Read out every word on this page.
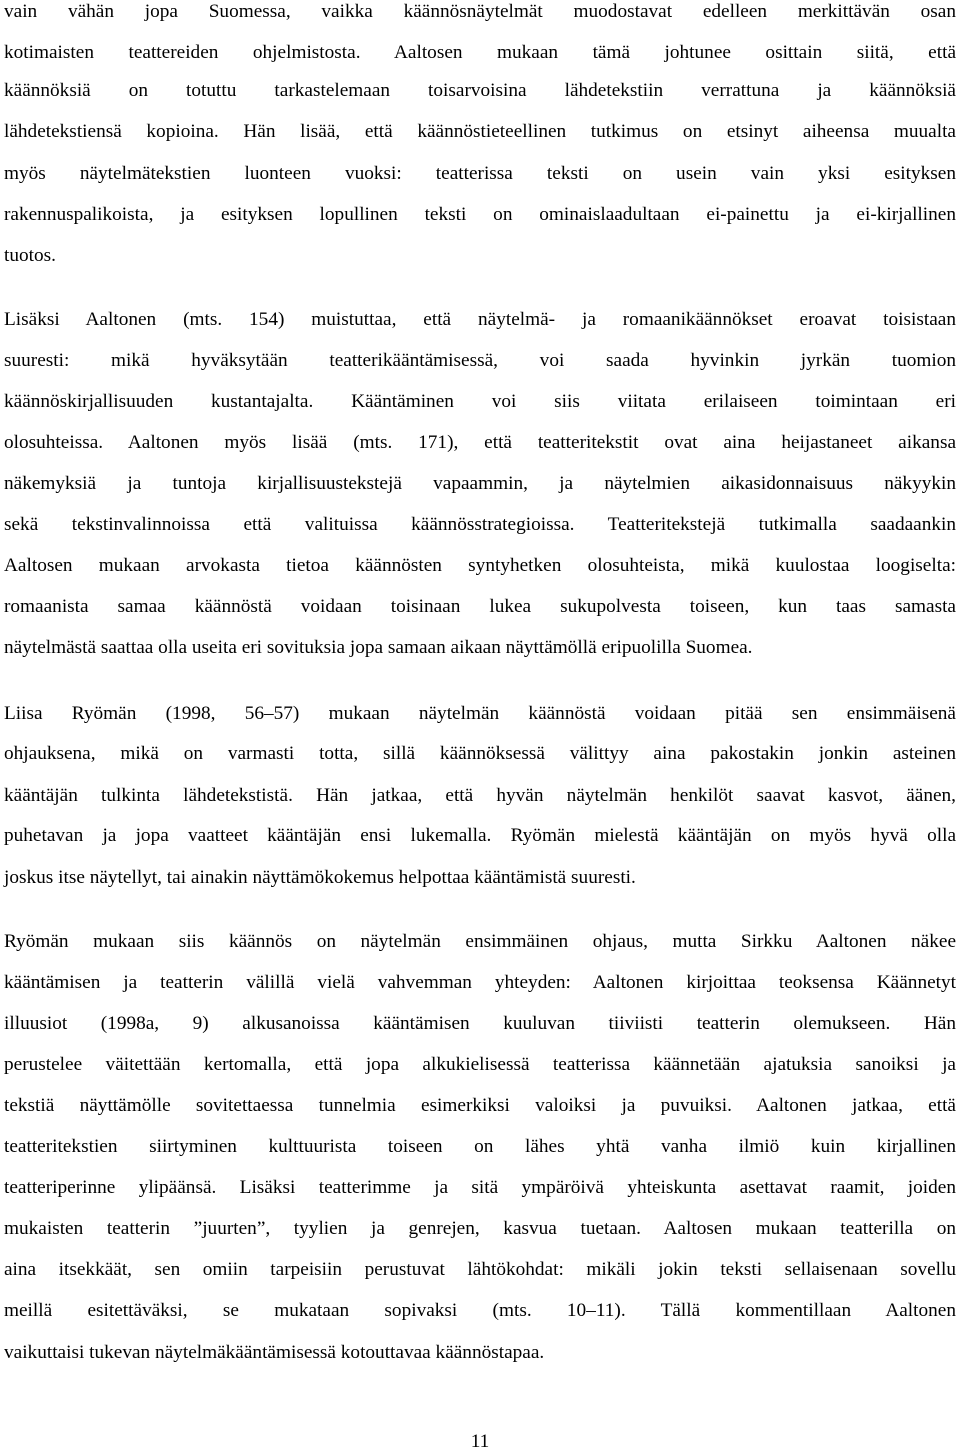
vain vähän jopa Suomessa, vaikka käännösnäytelmät muodostavat edelleen merkittävän osan
kotimaisten teattereiden ohjelmistosta. Aaltosen mukaan tämä johtunee osittain siitä, että
käännöksiä on totuttu tarkastelemaan toisarvoisina lähdetekstiin verrattuna ja käännöksiä
lähdetekstiensä kopioina. Hän lisää, että käännöstieteellinen tutkimus on etsinyt aiheensa muualta
myös näytelmätekstien luonteen vuoksi: teatterissa teksti on usein vain yksi esityksen
rakennuspalikoista, ja esityksen lopullinen teksti on ominaislaadultaan ei-painettu ja ei-kirjallinen
tuotos.
Lisäksi Aaltonen (mts. 154) muistuttaa, että näytelmä- ja romaanikäännökset eroavat toisistaan
suuresti: mikä hyväksytään teatterikääntämisessä, voi saada hyvinkin jyrkän tuomion
käännöskirjallisuuden kustantajalta. Kääntäminen voi siis viitata erilaiseen toimintaan eri
olosuhteissa. Aaltonen myös lisää (mts. 171), että teatteritekstit ovat aina heijastaneet aikansa
näkemyksiä ja tuntoja kirjallisuustekstejä vapaammin, ja näytelmien aikasidonnaisuus näkyykin
sekä tekstinvalinnoissa että valituissa käännösstrategioissa. Teatteritekstejä tutkimalla saadaankin
Aaltosen mukaan arvokasta tietoa käännösten syntyhetken olosuhteista, mikä kuulostaa loogiselta:
romaanista samaa käännöstä voidaan toisinaan lukea sukupolvesta toiseen, kun taas samasta
näytelmästä saattaa olla useita eri sovituksia jopa samaan aikaan näyttämöllä eripuolilla Suomea.
Liisa Ryömän (1998, 56–57) mukaan näytelmän käännöstä voidaan pitää sen ensimmäisenä
ohjauksena, mikä on varmasti totta, sillä käännöksessä välittyy aina pakostakin jonkin asteinen
kääntäjän tulkinta lähdetekstistä. Hän jatkaa, että hyvän näytelmän henkilöt saavat kasvot, äänen,
puhetavan ja jopa vaatteet kääntäjän ensi lukemalla. Ryömän mielestä kääntäjän on myös hyvä olla
joskus itse näytellyt, tai ainakin näyttämökokemus helpottaa kääntämistä suuresti.
Ryömän mukaan siis käännös on näytelmän ensimmäinen ohjaus, mutta Sirkku Aaltonen näkee
kääntämisen ja teatterin välillä vielä vahvemman yhteyden: Aaltonen kirjoittaa teoksensa Käännetyt
illuusiot (1998a, 9) alkusanoissa kääntämisen kuuluvan tiiviisti teatterin olemukseen. Hän
perustelee väitettään kertomalla, että jopa alkukielisessä teatterissa käännetään ajatuksia sanoiksi ja
tekstiä näyttämölle sovitettaessa tunnelmia esimerkiksi valoiksi ja puvuiksi. Aaltonen jatkaa, että
teatteritekstien siirtyminen kulttuurista toiseen on lähes yhtä vanha ilmiö kuin kirjallinen
teatteriperinne ylipäänsä. Lisäksi teatterimme ja sitä ympäröivä yhteiskunta asettavat raamit, joiden
mukaisten teatterin ”juurten”, tyylien ja genrejen, kasvua tuetaan. Aaltosen mukaan teatterilla on
aina itsekkäät, sen omiin tarpeisiin perustuvat lähtökohdat: mikäli jokin teksti sellaisenaan sovellu
meillä esitettäväksi, se mukataan sopivaksi (mts. 10–11). Tällä kommentillaan Aaltonen
vaikuttaisi tukevan näytelmäkääntämisessä kotouttavaa käännöstapaa.
11
